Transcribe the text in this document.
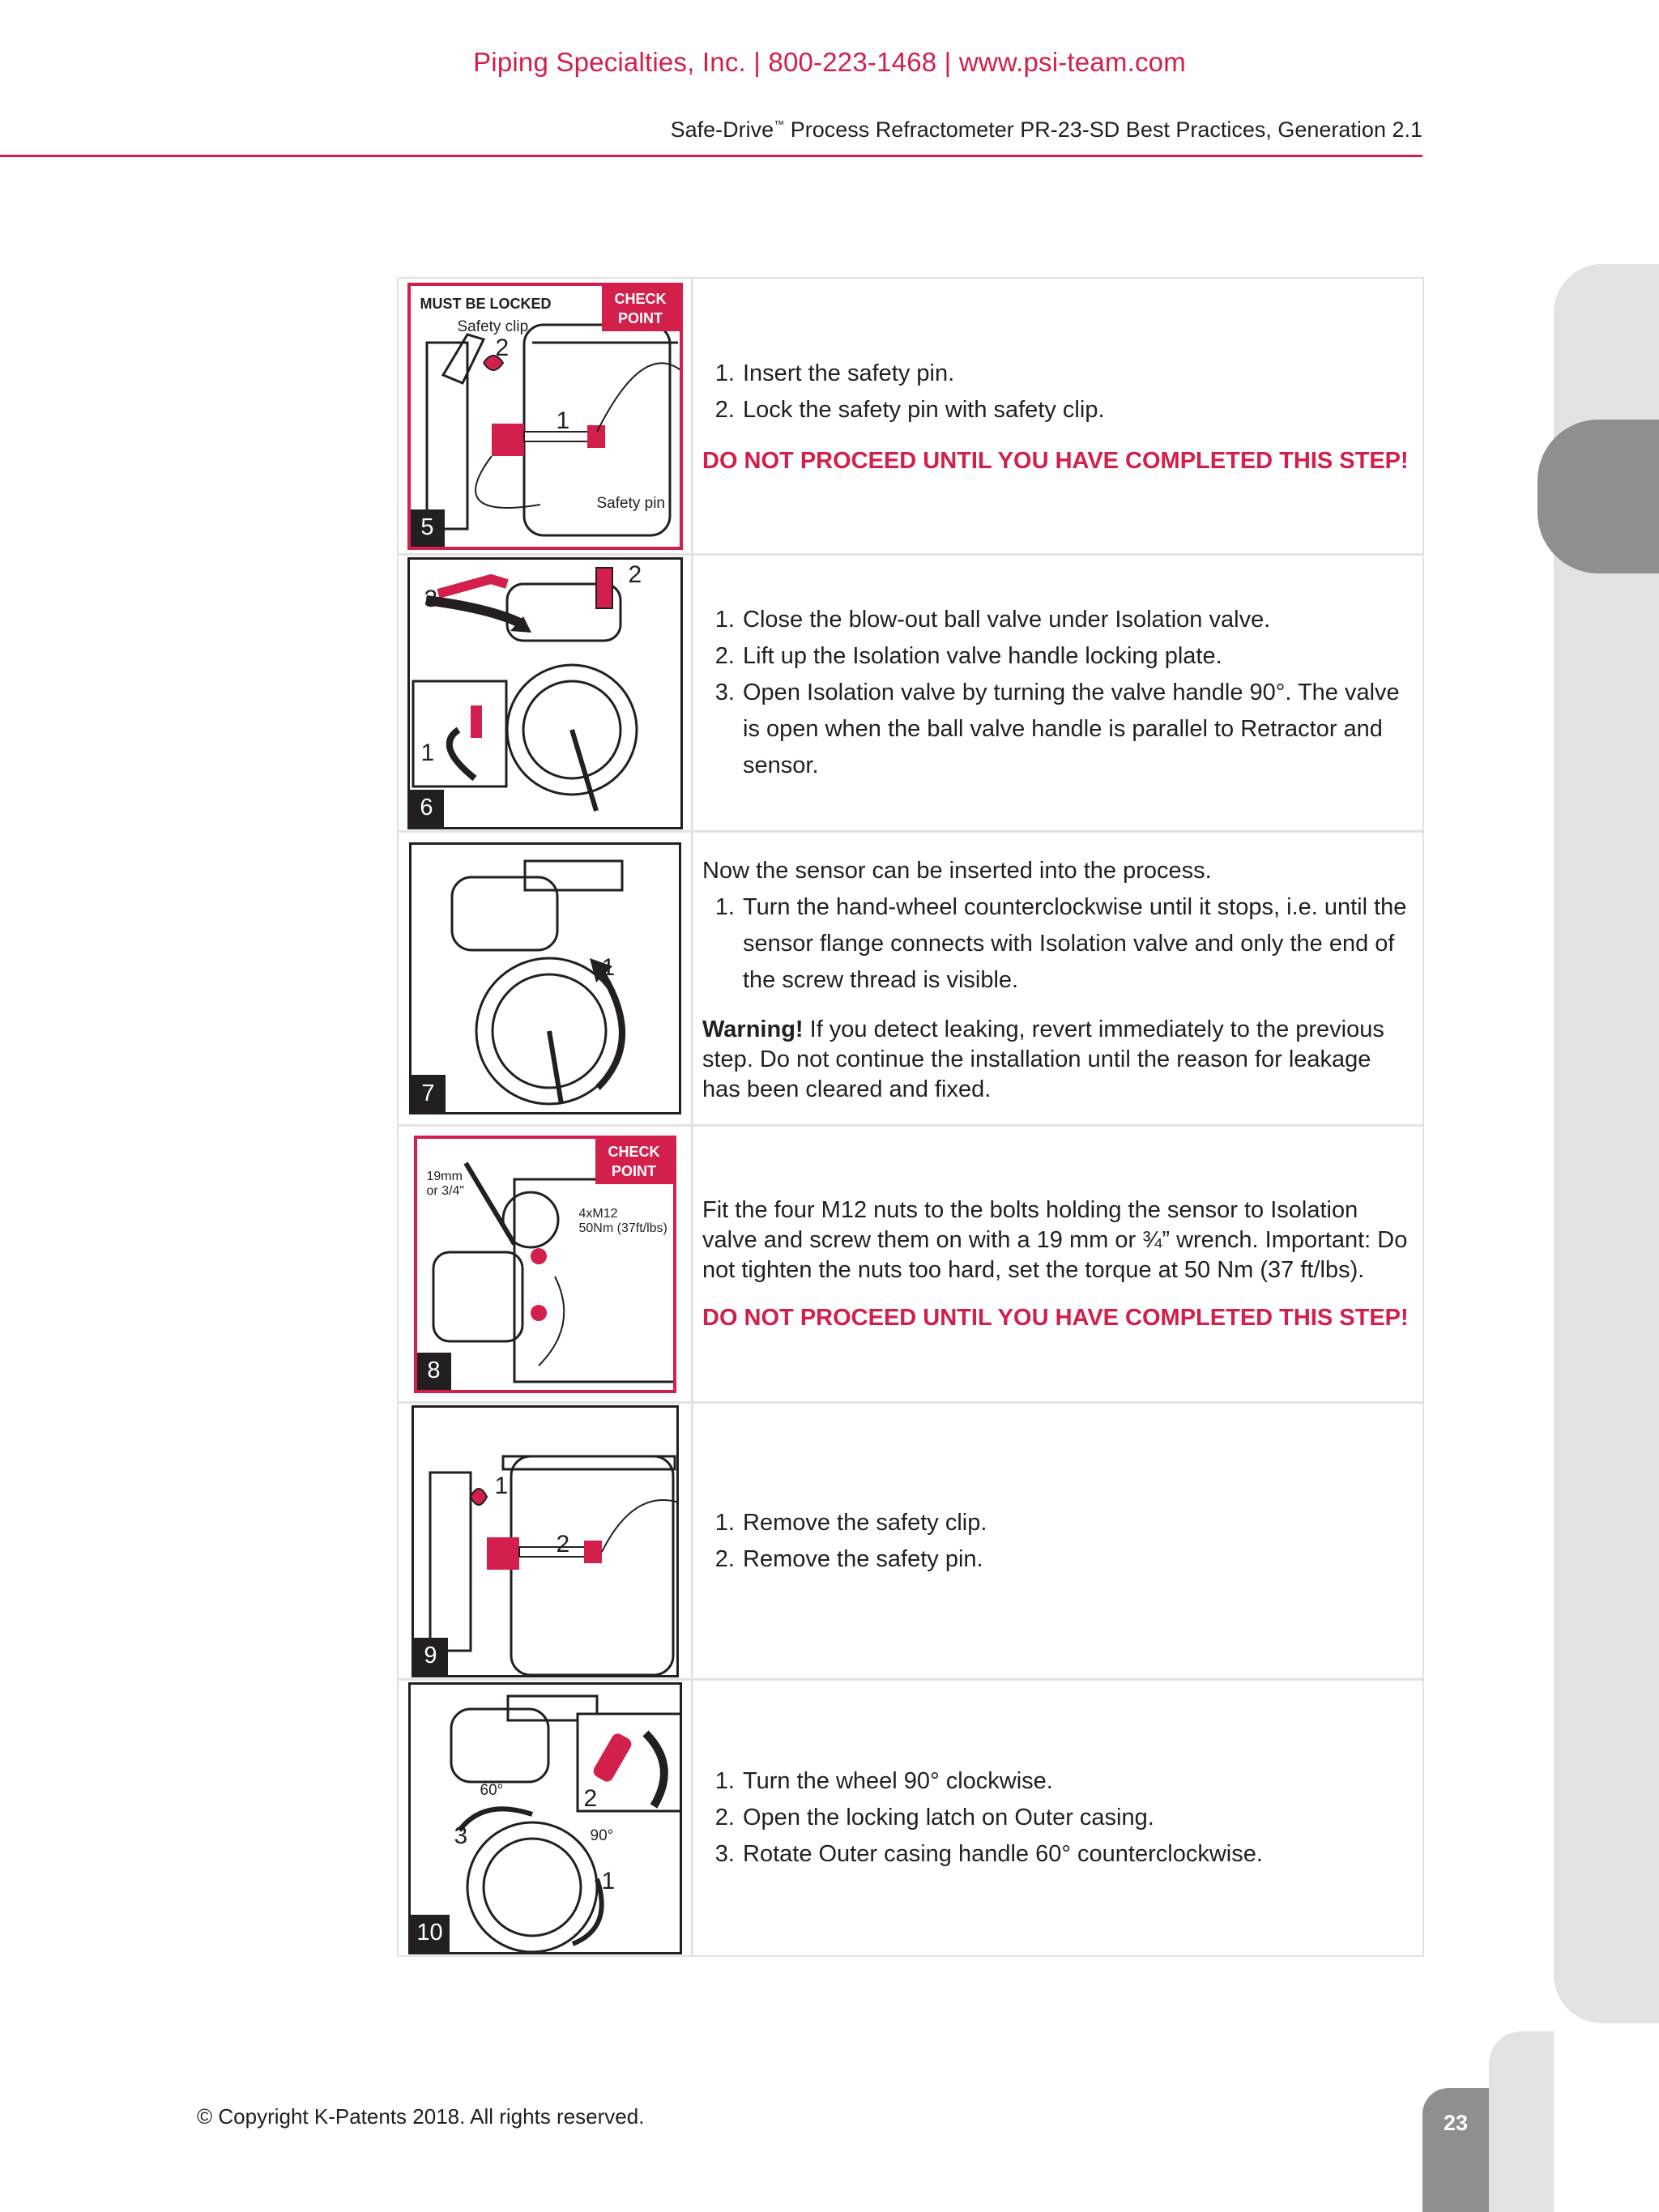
Piping Specialties, Inc. | 800-223-1468 | www.psi-team.com
Safe-Drive™ Process Refractometer PR-23-SD Best Practices, Generation 2.1
23
MUST BE LOCKED
Safety clip
Safety pin
2
1
CHECK
POINT
5
1. Insert the safety pin.
2. Lock the safety pin with safety clip.

DO NOT PROCEED UNTIL YOU HAVE COMPLETED THIS STEP!

3
2
1
6
1. Close the blow-out ball valve under Isolation valve.
2. Lift up the Isolation valve handle locking plate.
3. Open Isolation valve by turning the valve handle 90°. The valve is open when the ball valve handle is parallel to Retractor and sensor.
1
7

Now the sensor can be inserted into the process.

1. Turn the hand-wheel counterclockwise until it stops, i.e. until the sensor flange connects with Isolation valve and only the end of the screw thread is visible.

Warning! If you detect leaking, revert immediately to the previous step. Do not continue the installation until the reason for leakage has been cleared and fixed.

19mm
or 3/4"
4xM12
50Nm (37ft/lbs)
CHECK
POINT
8

Fit the four M12 nuts to the bolts holding the sensor to Isolation valve and screw them on with a 19 mm or ¾” wrench. Important: Do not tighten the nuts too hard, set the torque at 50 Nm (37 ft/lbs).

DO NOT PROCEED UNTIL YOU HAVE COMPLETED THIS STEP!

1
2
9
1. Remove the safety clip.
2. Remove the safety pin.
60°
90°
3
2
1
10
1. Turn the wheel 90° clockwise.
2. Open the locking latch on Outer casing.
3. Rotate Outer casing handle 60° counterclockwise.
© Copyright K-Patents 2018. All rights reserved.
